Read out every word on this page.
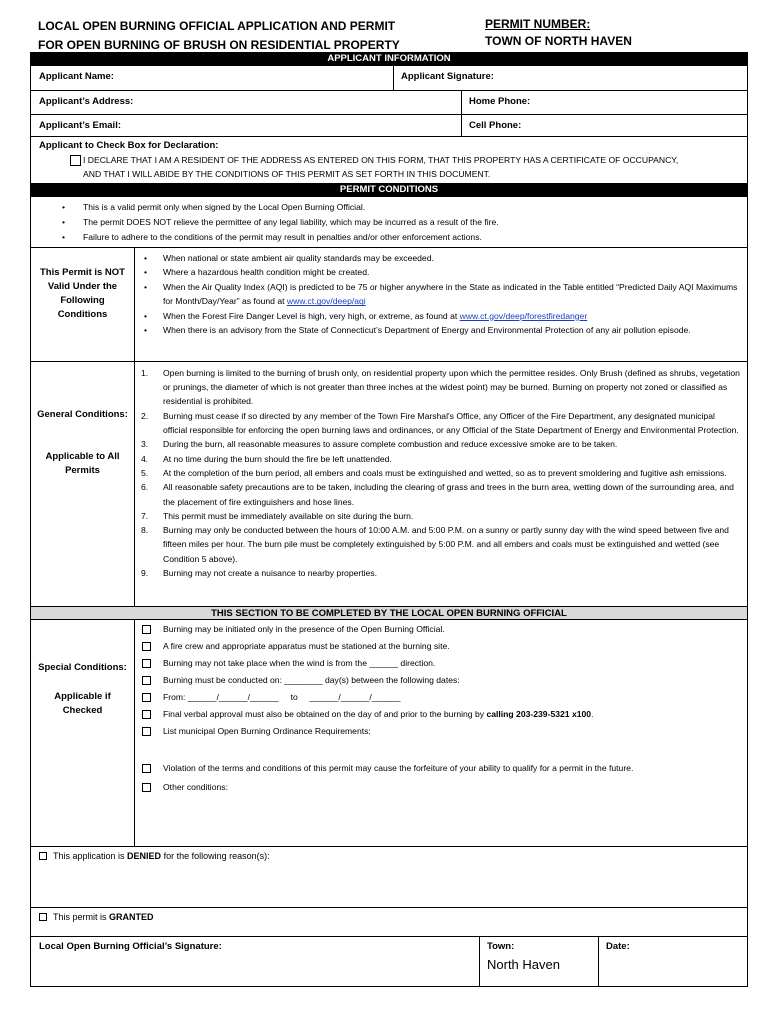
LOCAL OPEN BURNING OFFICIAL APPLICATION AND PERMIT
FOR OPEN BURNING OF BRUSH ON RESIDENTIAL PROPERTY
PERMIT NUMBER:
TOWN OF NORTH HAVEN
APPLICANT INFORMATION
Applicant Name:	Applicant Signature:
Applicant’s Address:	Home Phone:
Applicant’s Email:	Cell Phone:
Applicant to Check Box for Declaration:
I DECLARE THAT I AM A RESIDENT OF THE ADDRESS AS ENTERED ON THIS FORM, THAT THIS PROPERTY HAS A CERTIFICATE OF OCCUPANCY,
AND THAT I WILL ABIDE BY THE CONDITIONS OF THIS PERMIT AS SET FORTH IN THIS DOCUMENT.
PERMIT CONDITIONS
• This is a valid permit only when signed by the Local Open Burning Official.
• The permit DOES NOT relieve the permittee of any legal liability, which may be incurred as a result of the fire.
• Failure to adhere to the conditions of the permit may result in penalties and/or other enforcement actions.
This Permit is NOT Valid Under the Following Conditions
• When national or state ambient air quality standards may be exceeded.
• Where a hazardous health condition might be created.
• When the Air Quality Index (AQI) is predicted to be 75 or higher anywhere in the State as indicated in the Table entitled “Predicted Daily AQI Maximums for Month/Day/Year” as found at www.ct.gov/deep/aqi
• When the Forest Fire Danger Level is high, very high, or extreme, as found at www.ct.gov/deep/forestfiredanger
• When there is an advisory from the State of Connecticut’s Department of Energy and Environmental Protection of any air pollution episode.
General Conditions:
Applicable to All Permits
1. Open burning is limited to the burning of brush only, on residential property upon which the permittee resides. Only Brush (defined as shrubs, vegetation or prunings, the diameter of which is not greater than three inches at the widest point) may be burned. Burning on property not zoned or classified as residential is prohibited.
2. Burning must cease if so directed by any member of the Town Fire Marshal's Office, any Officer of the Fire Department, any designated municipal official responsible for enforcing the open burning laws and ordinances, or any Official of the State Department of Energy and Environmental Protection.
3. During the burn, all reasonable measures to assure complete combustion and reduce excessive smoke are to be taken.
4. At no time during the burn should the fire be left unattended.
5. At the completion of the burn period, all embers and coals must be extinguished and wetted, so as to prevent smoldering and fugitive ash emissions.
6. All reasonable safety precautions are to be taken, including the clearing of grass and trees in the burn area, wetting down of the surrounding area, and the placement of fire extinguishers and hose lines.
7. This permit must be immediately available on site during the burn.
8. Burning may only be conducted between the hours of 10:00 A.M. and 5:00 P.M. on a sunny or partly sunny day with the wind speed between five and fifteen miles per hour. The burn pile must be completely extinguished by 5:00 P.M. and all embers and coals must be extinguished and wetted (see Condition 5 above).
9. Burning may not create a nuisance to nearby properties.
THIS SECTION TO BE COMPLETED BY THE LOCAL OPEN BURNING OFFICIAL
Special Conditions:
Applicable if Checked
• Burning may be initiated only in the presence of the Open Burning Official.
• A fire crew and appropriate apparatus must be stationed at the burning site.
• Burning may not take place when the wind is from the ______ direction.
• Burning must be conducted on: ________ day(s) between the following dates:
• From: ______/______/______     to     ______/______/______
• Final verbal approval must also be obtained on the day of and prior to the burning by calling 203-239-5321 x100.
• List municipal Open Burning Ordinance Requirements:
• Violation of the terms and conditions of this permit may cause the forfeiture of your ability to qualify for a permit in the future.
• Other conditions:
This application is DENIED for the following reason(s):
This permit is GRANTED
Local Open Burning Official’s Signature:	Town:
North Haven
Date:
